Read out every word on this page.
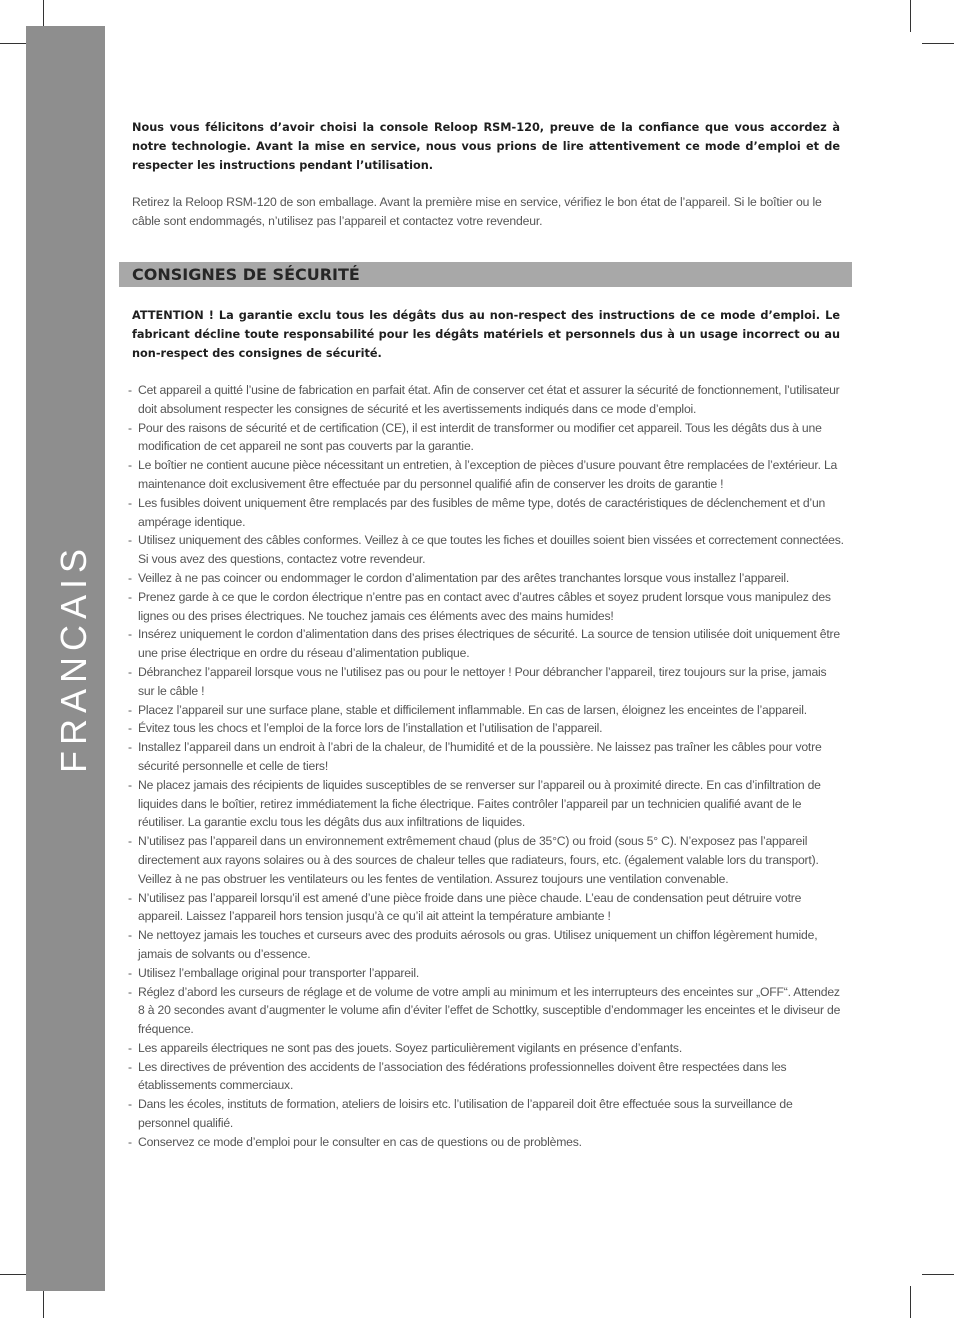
FRANCAIS

Nous vous félicitons d’avoir choisi la console Reloop RSM-120, preuve de la confiance que vous accordez à notre technologie. Avant la mise en service, nous vous prions de lire attentivement ce mode d’emploi et de respecter les instructions pendant l’utilisation.

Retirez la Reloop RSM-120 de son emballage. Avant la première mise en service, vérifiez le bon état de l’appareil. Si le boîtier ou le câble sont endommagés, n’utilisez pas l’appareil et contactez votre revendeur.

CONSIGNES DE SÉCURITÉ

ATTENTION ! La garantie exclu tous les dégâts dus au non-respect des instructions de ce mode d’emploi. Le fabricant décline toute responsabilité pour les dégâts matériels et personnels dus à un usage incorrect ou au non-respect des consignes de sécurité.

- Cet appareil a quitté l’usine de fabrication en parfait état. Afin de conserver cet état et assurer la sécurité de fonctionnement, l’utilisateur doit absolument respecter les consignes de sécurité et les avertissements indiqués dans ce mode d’emploi.
- Pour des raisons de sécurité et de certification (CE), il est interdit de transformer ou modifier cet appareil. Tous les dégâts dus à une modification de cet appareil ne sont pas couverts par la garantie.
- Le boîtier ne contient aucune pièce nécessitant un entretien, à l’exception de pièces d’usure pouvant être remplacées de l’extérieur. La maintenance doit exclusivement être effectuée par du personnel qualifié afin de conserver les droits de garantie !
- Les fusibles doivent uniquement être remplacés par des fusibles de même type, dotés de caractéristiques de déclenchement et d’un ampérage identique.
- Utilisez uniquement des câbles conformes. Veillez à ce que toutes les fiches et douilles soient bien vissées et correctement connectées. Si vous avez des questions, contactez votre revendeur.
- Veillez à ne pas coincer ou endommager le cordon d’alimentation par des arêtes tranchantes lorsque vous installez l’appareil.
- Prenez garde à ce que le cordon électrique n’entre pas en contact avec d’autres câbles et soyez prudent lorsque vous manipulez des lignes ou des prises électriques. Ne touchez jamais ces éléments avec des mains humides!
- Insérez uniquement le cordon d’alimentation dans des prises électriques de sécurité. La source de tension utilisée doit uniquement être une prise électrique en ordre du réseau d’alimentation publique.
- Débranchez l’appareil lorsque vous ne l’utilisez pas ou pour le nettoyer ! Pour débrancher l’appareil, tirez toujours sur la prise, jamais sur le câble !
- Placez l’appareil sur une surface plane, stable et difficilement inflammable. En cas de larsen, éloignez les enceintes de l’appareil.
- Évitez tous les chocs et l’emploi de la force lors de l’installation et l’utilisation de l’appareil.
- Installez l’appareil dans un endroit à l’abri de la chaleur, de l’humidité et de la poussière. Ne laissez pas traîner les câbles pour votre sécurité personnelle et celle de tiers!
- Ne placez jamais des récipients de liquides susceptibles de se renverser sur l’appareil ou à proximité directe. En cas d’infiltration de liquides dans le boîtier, retirez immédiatement la fiche électrique. Faites contrôler l’appareil par un technicien qualifié avant de le réutiliser. La garantie exclu tous les dégâts dus aux infiltrations de liquides.
- N’utilisez pas l’appareil dans un environnement extrêmement chaud (plus de 35°C) ou froid (sous 5° C). N’exposez pas l’appareil directement aux rayons solaires ou à des sources de chaleur telles que radiateurs, fours, etc. (également valable lors du transport). Veillez à ne pas obstruer les ventilateurs ou les fentes de ventilation. Assurez toujours une ventilation convenable.
- N’utilisez pas l’appareil lorsqu’il est amené d’une pièce froide dans une pièce chaude. L’eau de condensation peut détruire votre appareil. Laissez l’appareil hors tension jusqu’à ce qu’il ait atteint la température ambiante !
- Ne nettoyez jamais les touches et curseurs avec des produits aérosols ou gras. Utilisez uniquement un chiffon légèrement humide, jamais de solvants ou d’essence.
- Utilisez l’emballage original pour transporter l’appareil.
- Réglez d’abord les curseurs de réglage et de volume de votre ampli au minimum et les interrupteurs des enceintes sur „OFF“. Attendez 8 à 20 secondes avant d’augmenter le volume afin d’éviter l’effet de Schottky, susceptible d’endommager les enceintes et le diviseur de fréquence.
- Les appareils électriques ne sont pas des jouets. Soyez particulièrement vigilants en présence d’enfants.
- Les directives de prévention des accidents de l’association des fédérations professionnelles doivent être respectées dans les établissements commerciaux.
- Dans les écoles, instituts de formation, ateliers de loisirs etc. l’utilisation de l’appareil doit être effectuée sous la surveillance de personnel qualifié.
- Conservez ce mode d’emploi pour le consulter en cas de questions ou de problèmes.
